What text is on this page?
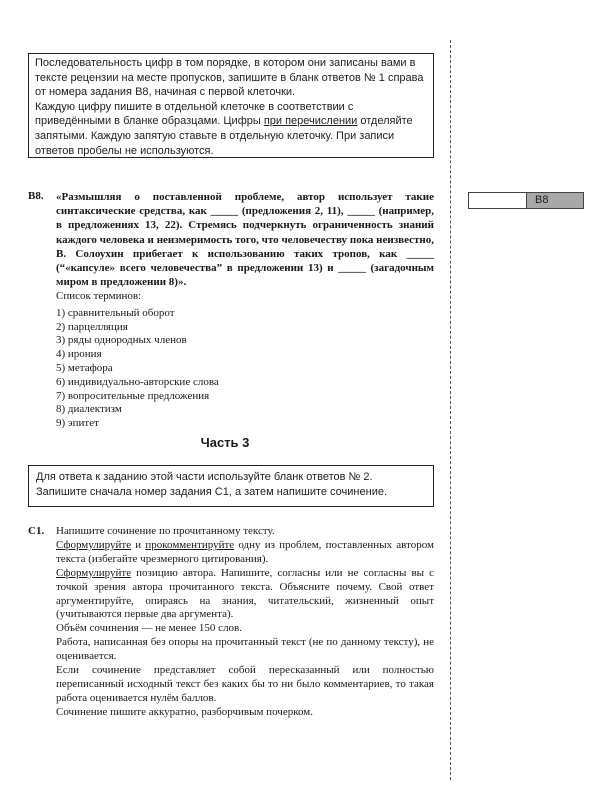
Последовательность цифр в том порядке, в котором они записаны вами в тексте рецензии на месте пропусков, запишите в бланк ответов № 1 справа от номера задания В8, начиная с первой клеточки.

Каждую цифру пишите в отдельной клеточке в соответствии с приведёнными в бланке образцами. Цифры при перечислении отделяйте запятыми. Каждую запятую ставьте в отдельную клеточку. При записи ответов пробелы не используются.

В8
В8. «Размышляя о поставленной проблеме, автор использует такие синтаксические средства, как _____ (предложения 2, 11), _____ (например, в предложениях 13, 22). Стремясь подчеркнуть ограниченность знаний каждого человека и неизмеримость того, что человечеству пока неизвестно, В. Солоухин прибегает к использованию таких тропов, как _____ (“«капсуле» всего человечества” в предложении 13) и _____ (загадочным миром в предложении 8)».
Список терминов:
1) сравнительный оборот
2) парцелляция
3) ряды однородных членов
4) ирония
5) метафора
6) индивидуально-авторские слова
7) вопросительные предложения
8) диалектизм
9) эпитет
Часть 3

Для ответа к заданию этой части используйте бланк ответов № 2. Запишите сначала номер задания С1, а затем напишите сочинение.

С1. Напишите сочинение по прочитанному тексту.

Сформулируйте и прокомментируйте одну из проблем, поставленных автором текста (избегайте чрезмерного цитирования).

Сформулируйте позицию автора. Напишите, согласны или не согласны вы с точкой зрения автора прочитанного текста. Объясните почему. Свой ответ аргументируйте, опираясь на знания, читательский, жизненный опыт (учитываются первые два аргумента).

Объём сочинения — не менее 150 слов.

Работа, написанная без опоры на прочитанный текст (не по данному тексту), не оценивается.

Если сочинение представляет собой пересказанный или полностью переписанный исходный текст без каких бы то ни было комментариев, то такая работа оценивается нулём баллов.

Сочинение пишите аккуратно, разборчивым почерком.
